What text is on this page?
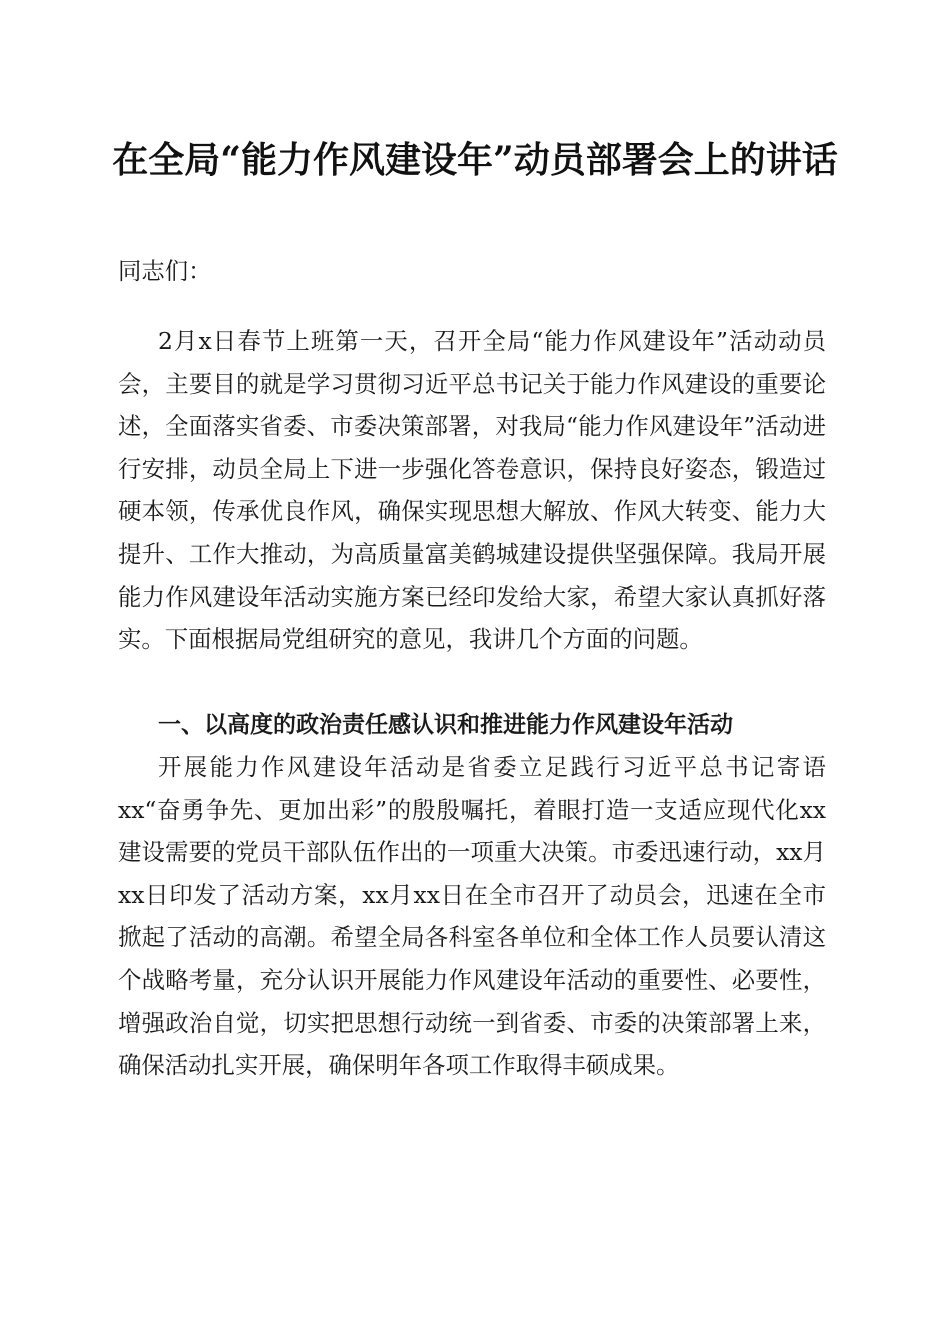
在全局“能力作风建设年”动员部署会上的讲话

同志们：

2月x日春节上班第一天，召开全局“能力作风建设年”活动动员会，主要目的就是学习贯彻习近平总书记关于能力作风建设的重要论述，全面落实省委、市委决策部署，对我局“能力作风建设年”活动进行安排，动员全局上下进一步强化答卷意识，保持良好姿态，锻造过硬本领，传承优良作风，确保实现思想大解放、作风大转变、能力大提升、工作大推动，为高质量富美鹤城建设提供坚强保障。我局开展能力作风建设年活动实施方案已经印发给大家，希望大家认真抓好落实。下面根据局党组研究的意见，我讲几个方面的问题。

一、以高度的政治责任感认识和推进能力作风建设年活动

开展能力作风建设年活动是省委立足践行习近平总书记寄语xx“奋勇争先、更加出彩”的殷殷嘱托，着眼打造一支适应现代化xx建设需要的党员干部队伍作出的一项重大决策。市委迅速行动，xx月xx日印发了活动方案，xx月xx日在全市召开了动员会，迅速在全市掀起了活动的高潮。希望全局各科室各单位和全体工作人员要认清这个战略考量，充分认识开展能力作风建设年活动的重要性、必要性，增强政治自觉，切实把思想行动统一到省委、市委的决策部署上来，确保活动扎实开展，确保明年各项工作取得丰硕成果。
